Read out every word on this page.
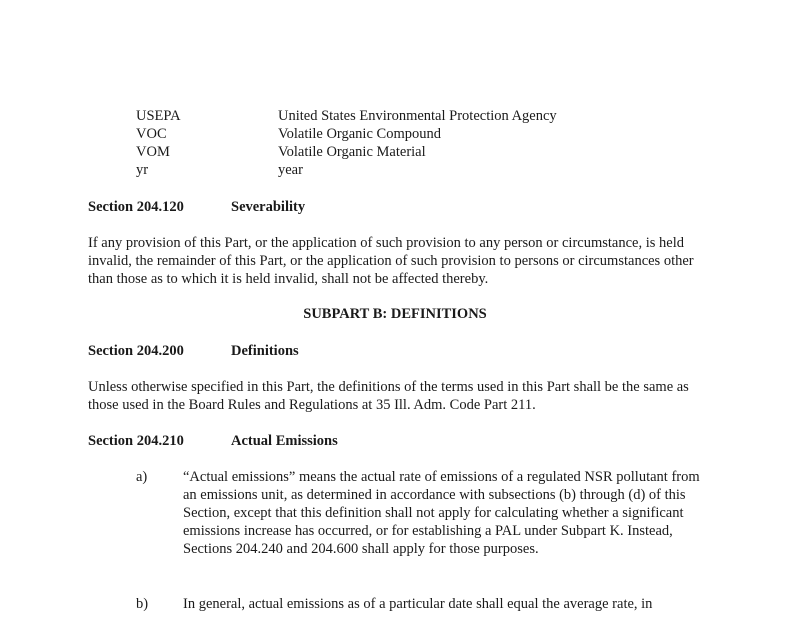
USEPA	United States Environmental Protection Agency
VOC	Volatile Organic Compound
VOM	Volatile Organic Material
yr	year
Section 204.120	Severability
If any provision of this Part, or the application of such provision to any person or circumstance, is held invalid, the remainder of this Part, or the application of such provision to persons or circumstances other than those as to which it is held invalid, shall not be affected thereby.
SUBPART B: DEFINITIONS
Section 204.200	Definitions
Unless otherwise specified in this Part, the definitions of the terms used in this Part shall be the same as those used in the Board Rules and Regulations at 35 Ill. Adm. Code Part 211.
Section 204.210	Actual Emissions
a) “Actual emissions” means the actual rate of emissions of a regulated NSR pollutant from an emissions unit, as determined in accordance with subsections (b) through (d) of this Section, except that this definition shall not apply for calculating whether a significant emissions increase has occurred, or for establishing a PAL under Subpart K. Instead, Sections 204.240 and 204.600 shall apply for those purposes.
b) In general, actual emissions as of a particular date shall equal the average rate, in
